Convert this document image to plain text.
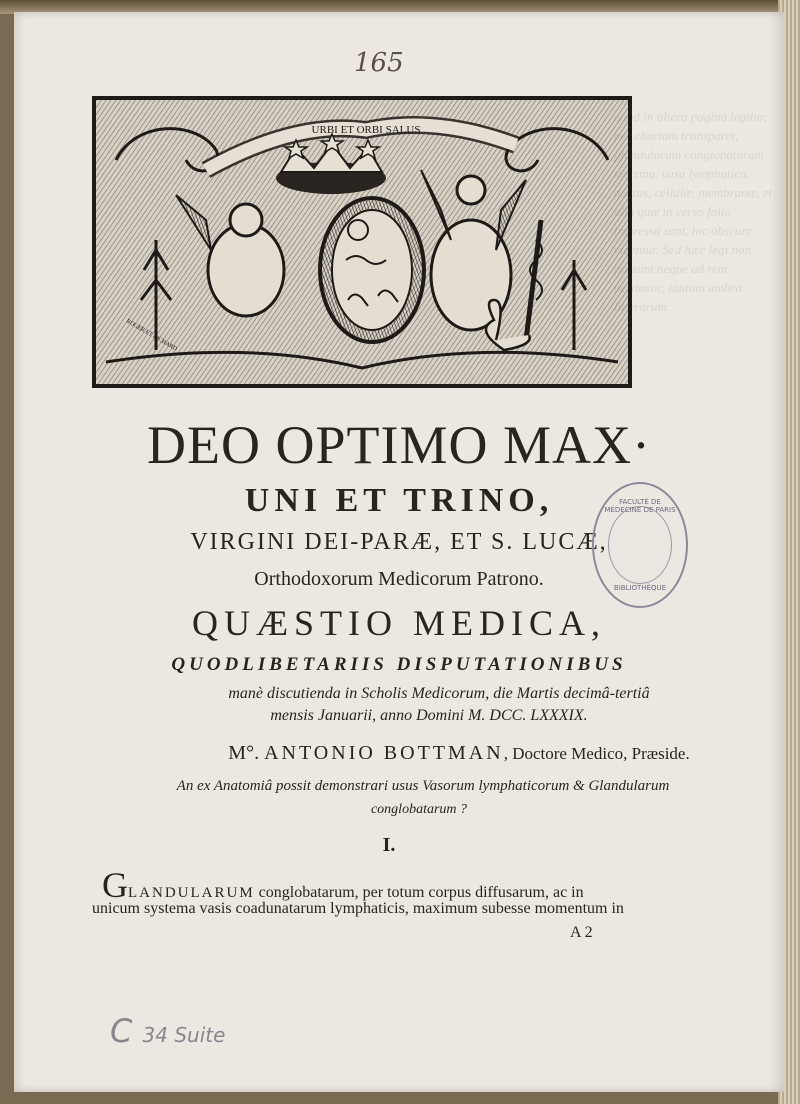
165
URBI ET ORBI SALUS
ROGER ET RICHARD
quod in altera pagina legitur, per chartam transparet; glandularum conglobatarum systema, vasa lymphatica, ductus, cellulæ, membranæ, et alia quæ in verso folio impressa sunt, hic obscure videntur. Sed hæc legi non possunt neque ad rem pertinent; tantum umbra litterarum.
DEO OPTIMO MAX·
UNI ET TRINO,
VIRGINI DEI-PARÆ, ET S. LUCÆ,
Orthodoxorum Medicorum Patrono.
QUÆSTIO MEDICA,
QUODLIBETARIIS DISPUTATIONIBUS
manè discutienda in Scholis Medicorum, die Martis decimâ-tertiâ
mensis Januarii, anno Domini M. DCC. LXXXIX.
M°. ANTONIO BOTTMAN, Doctore Medico, Præside.
An ex Anatomiâ possit demonstrari usus Vasorum lymphaticorum & Glandularum
conglobatarum ?
I.
GLANDULARUM conglobatarum, per totum corpus diffusarum, ac in
unicum systema vasis coadunatarum lymphaticis, maximum subesse momentum in
A 2
FACULTÉ DE MÉDECINE DE PARIS
BIBLIOTHÈQUE
C 34 Suite
